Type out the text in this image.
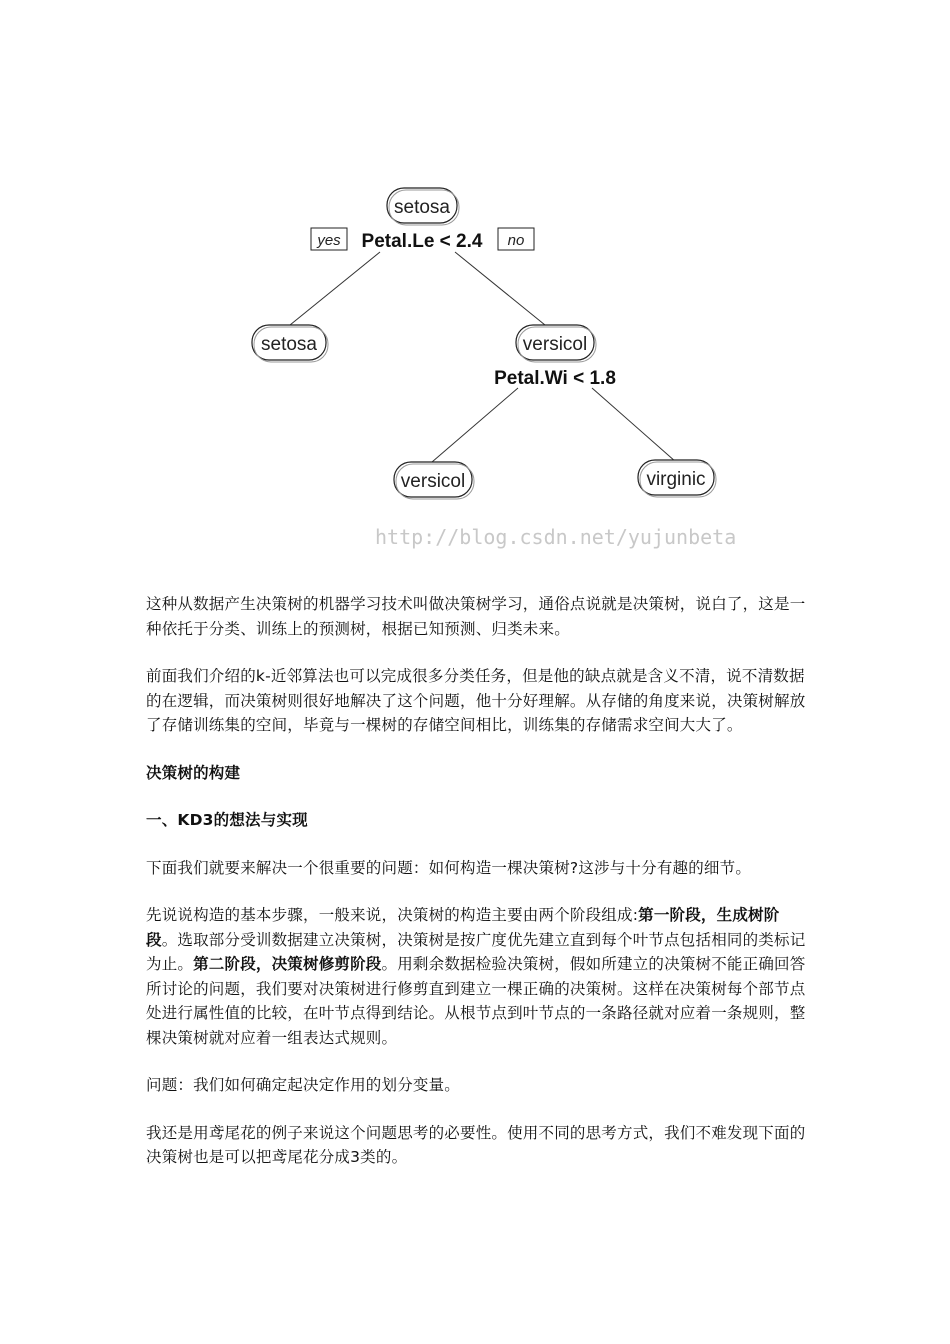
setosa
Petal.Le < 2.4
yes	no
setosa	versicol
Petal.Wi < 1.8
versicol	virginic
http://blog.csdn.net/yujunbeta

这种从数据产生决策树的机器学习技术叫做决策树学习，通俗点说就是决策树，说白了，这是一种依托于分类、训练上的预测树，根据已知预测、归类未来。

前面我们介绍的k-近邻算法也可以完成很多分类任务，但是他的缺点就是含义不清，说不清数据的在逻辑，而决策树则很好地解决了这个问题，他十分好理解。从存储的角度来说，决策树解放了存储训练集的空间，毕竟与一棵树的存储空间相比，训练集的存储需求空间大大了。

决策树的构建

一、KD3的想法与实现

下面我们就要来解决一个很重要的问题：如何构造一棵决策树?这涉与十分有趣的细节。

先说说构造的基本步骤，一般来说，决策树的构造主要由两个阶段组成:第一阶段，生成树阶段。选取部分受训数据建立决策树，决策树是按广度优先建立直到每个叶节点包括相同的类标记为止。第二阶段，决策树修剪阶段。用剩余数据检验决策树，假如所建立的决策树不能正确回答所讨论的问题，我们要对决策树进行修剪直到建立一棵正确的决策树。这样在决策树每个部节点处进行属性值的比较，在叶节点得到结论。从根节点到叶节点的一条路径就对应着一条规则，整棵决策树就对应着一组表达式规则。

问题：我们如何确定起决定作用的划分变量。

我还是用鸢尾花的例子来说这个问题思考的必要性。使用不同的思考方式，我们不难发现下面的决策树也是可以把鸢尾花分成3类的。
